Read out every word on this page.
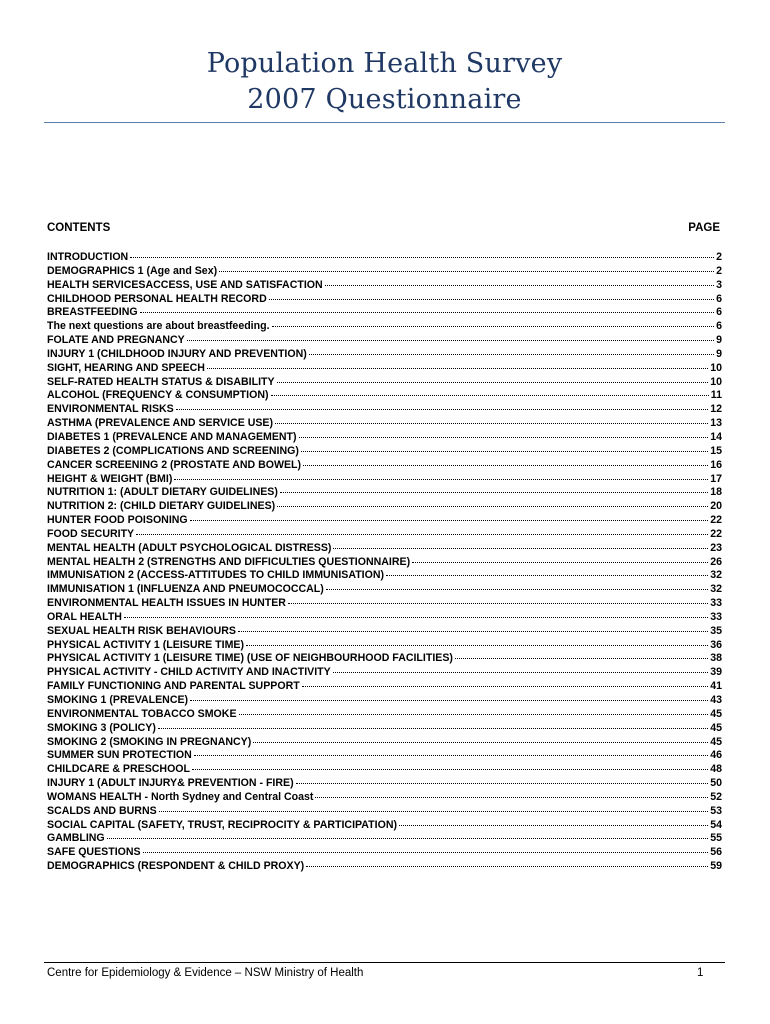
Population Health Survey
2007 Questionnaire
CONTENTS	PAGE
INTRODUCTION	2
DEMOGRAPHICS 1 (Age and Sex)	2
HEALTH SERVICESACCESS, USE AND SATISFACTION	3
CHILDHOOD PERSONAL HEALTH RECORD	6
BREASTFEEDING	6
The next questions are about breastfeeding.	6
FOLATE AND PREGNANCY	9
INJURY 1 (CHILDHOOD INJURY AND PREVENTION)	9
SIGHT, HEARING AND SPEECH	10
SELF-RATED HEALTH STATUS & DISABILITY	10
ALCOHOL (FREQUENCY & CONSUMPTION)	11
ENVIRONMENTAL RISKS	12
ASTHMA (PREVALENCE AND SERVICE USE)	13
DIABETES 1 (PREVALENCE AND MANAGEMENT)	14
DIABETES 2 (COMPLICATIONS AND SCREENING)	15
CANCER SCREENING 2 (PROSTATE AND BOWEL)	16
HEIGHT & WEIGHT (BMI)	17
NUTRITION 1: (ADULT DIETARY GUIDELINES)	18
NUTRITION 2: (CHILD DIETARY GUIDELINES)	20
HUNTER FOOD POISONING	22
FOOD SECURITY	22
MENTAL HEALTH (ADULT PSYCHOLOGICAL DISTRESS)	23
MENTAL HEALTH 2 (STRENGTHS AND DIFFICULTIES QUESTIONNAIRE)	26
IMMUNISATION 2 (ACCESS-ATTITUDES TO CHILD IMMUNISATION)	32
IMMUNISATION 1 (INFLUENZA AND PNEUMOCOCCAL)	32
ENVIRONMENTAL HEALTH ISSUES IN HUNTER	33
ORAL HEALTH	33
SEXUAL HEALTH RISK BEHAVIOURS	35
PHYSICAL ACTIVITY 1 (LEISURE TIME)	36
PHYSICAL ACTIVITY 1 (LEISURE TIME) (USE OF NEIGHBOURHOOD FACILITIES)	38
PHYSICAL ACTIVITY - CHILD ACTIVITY AND INACTIVITY	39
FAMILY FUNCTIONING AND PARENTAL SUPPORT	41
SMOKING 1 (PREVALENCE)	43
ENVIRONMENTAL TOBACCO SMOKE	45
SMOKING 3 (POLICY)	45
SMOKING 2 (SMOKING IN PREGNANCY)	45
SUMMER SUN PROTECTION	46
CHILDCARE & PRESCHOOL	48
INJURY 1 (ADULT INJURY& PREVENTION - FIRE)	50
WOMANS HEALTH - North Sydney and Central Coast	52
SCALDS AND BURNS	53
SOCIAL CAPITAL (SAFETY, TRUST, RECIPROCITY & PARTICIPATION)	54
GAMBLING	55
SAFE QUESTIONS	56
DEMOGRAPHICS (RESPONDENT & CHILD PROXY)	59
Centre for Epidemiology & Evidence – NSW Ministry of Health	1
